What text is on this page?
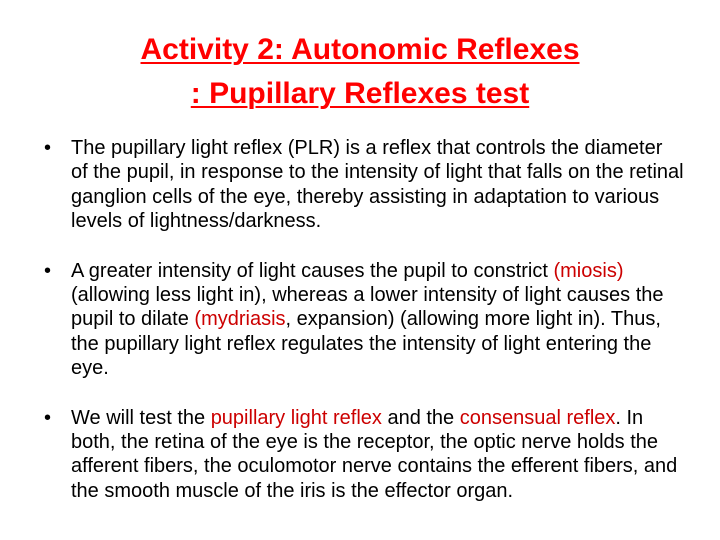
Activity 2: Autonomic Reflexes
: Pupillary Reflexes test
• The pupillary light reflex (PLR) is a reflex that controls the diameter of the pupil, in response to the intensity of light that falls on the retinal ganglion cells of the eye, thereby assisting in adaptation to various levels of lightness/darkness.
• A greater intensity of light causes the pupil to constrict (miosis) (allowing less light in), whereas a lower intensity of light causes the pupil to dilate (mydriasis, expansion) (allowing more light in). Thus, the pupillary light reflex regulates the intensity of light entering the eye.
• We will test the pupillary light reflex and the consensual reflex. In both, the retina of the eye is the receptor, the optic nerve holds the afferent fibers, the oculomotor nerve contains the efferent fibers, and the smooth muscle of the iris is the effector organ.
